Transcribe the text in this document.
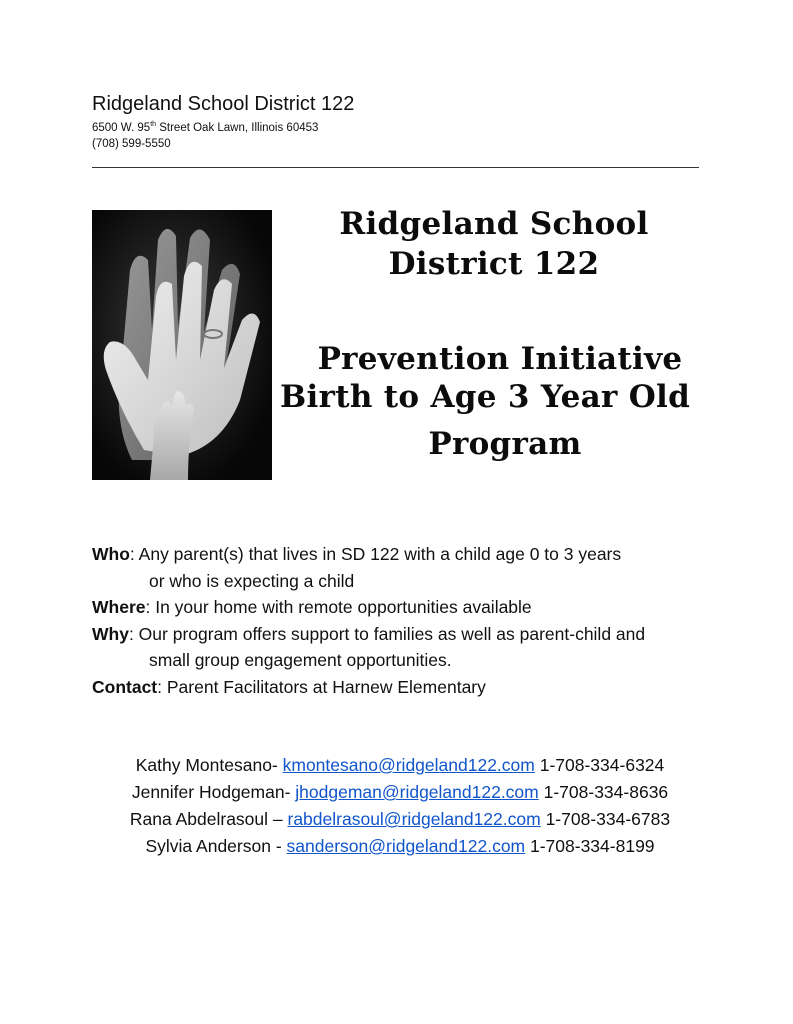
Ridgeland School District 122
6500 W. 95th Street Oak Lawn, Illinois 60453
(708) 599-5550
Ridgeland School
District 122
Prevention Initiative
Birth to Age 3 Year Old
Program
Who: Any parent(s) that lives in SD 122 with a child age 0 to 3 years
or who is expecting a child
Where: In your home with remote opportunities available
Why: Our program offers support to families as well as parent-child and
small group engagement opportunities.
Contact: Parent Facilitators at Harnew Elementary
Kathy Montesano- kmontesano@ridgeland122.com 1-708-334-6324
Jennifer Hodgeman- jhodgeman@ridgeland122.com 1-708-334-8636
Rana Abdelrasoul – rabdelrasoul@ridgeland122.com 1-708-334-6783
Sylvia Anderson - sanderson@ridgeland122.com 1-708-334-8199
